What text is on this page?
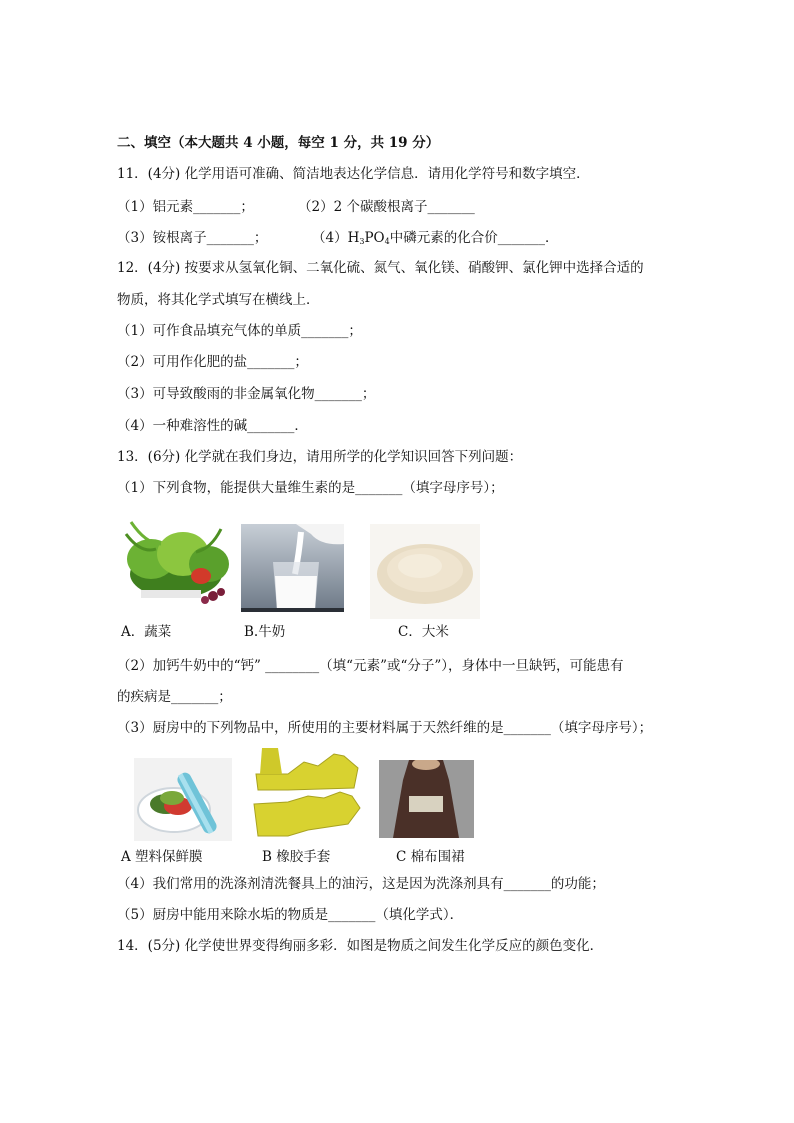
二、填空（本大题共 4 小题，每空 1 分，共 19 分）
11．(4分) 化学用语可准确、简洁地表达化学信息．请用化学符号和数字填空．
（1）铝元素_______；	（2）2 个碳酸根离子_______
（3）铵根离子_______；	$(4)H_3PO_4$中磷元素的化合价_______．
12．(4分) 按要求从氢氧化铜、二氧化硫、氮气、氧化镁、硝酸钾、氯化钾中选择合适的
物质，将其化学式填写在横线上．
（1）可作食品填充气体的单质_______；
（2）可用作化肥的盐_______；
（3）可导致酸雨的非金属氧化物_______；
（4）一种难溶性的碱_______．
13．(6分) 化学就在我们身边，请用所学的化学知识回答下列问题：
（1）下列食物，能提供大量维生素的是_______（填字母序号）；
A．蔬菜	B.牛奶	C．大米
（2）加钙牛奶中的“钙” ________（填“元素”或“分子”），身体中一旦缺钙，可能患有
的疾病是_______；
（3）厨房中的下列物品中，所使用的主要材料属于天然纤维的是_______（填字母序号）；
A 塑料保鲜膜	B 橡胶手套	C 棉布围裙
（4）我们常用的洗涤剂清洗餐具上的油污，这是因为洗涤剂具有_______的功能；
（5）厨房中能用来除水垢的物质是_______（填化学式）．
14．(5分) 化学使世界变得绚丽多彩．如图是物质之间发生化学反应的颜色变化．
